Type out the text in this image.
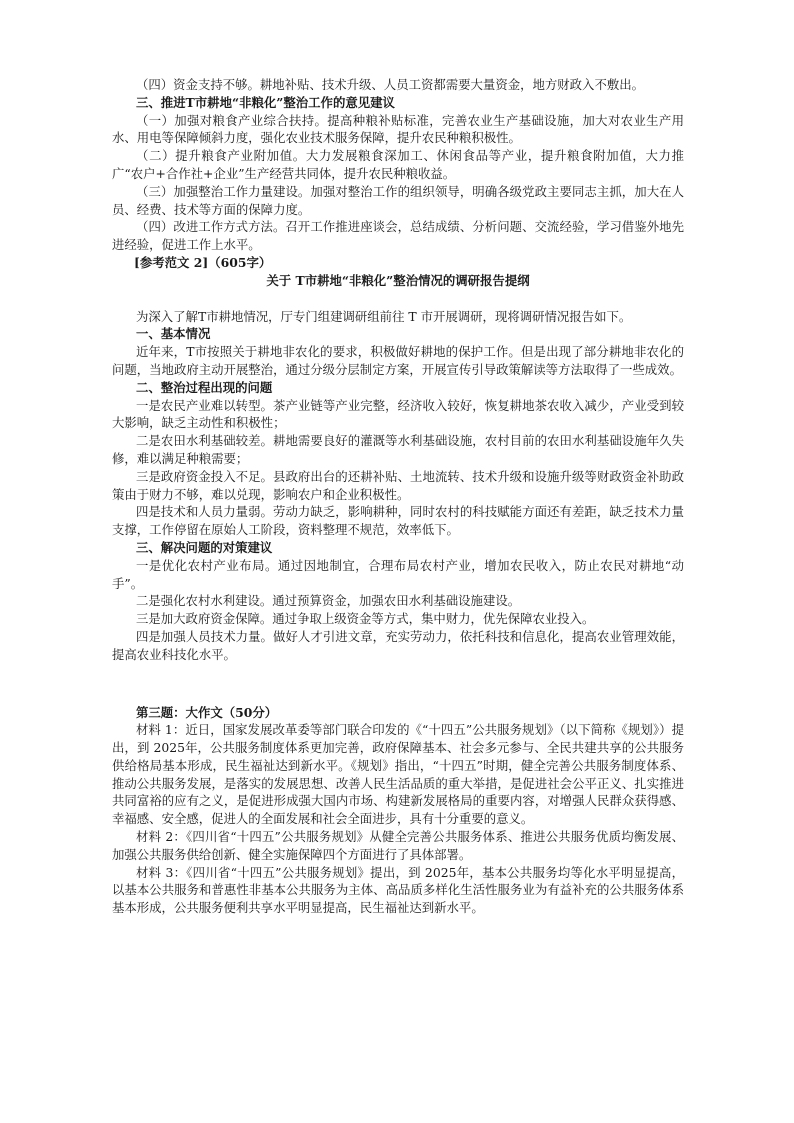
（四）资金支持不够。耕地补贴、技术升级、人员工资都需要大量资金，地方财政入不敷出。

三、推进T市耕地“非粮化”整治工作的意见建议

（一）加强对粮食产业综合扶持。提高种粮补贴标准，完善农业生产基础设施，加大对农业生产用水、用电等保障倾斜力度，强化农业技术服务保障，提升农民种粮积极性。

（二）提升粮食产业附加值。大力发展粮食深加工、休闲食品等产业，提升粮食附加值，大力推广“农户+合作社+企业”生产经营共同体，提升农民种粮收益。

（三）加强整治工作力量建设。加强对整治工作的组织领导，明确各级党政主要同志主抓，加大在人员、经费、技术等方面的保障力度。

（四）改进工作方式方法。召开工作推进座谈会，总结成绩、分析问题、交流经验，学习借鉴外地先进经验，促进工作上水平。

[参考范文 2]（605字）

关于 T市耕地“非粮化”整治情况的调研报告提纲

为深入了解T市耕地情况，厅专门组建调研组前往 T 市开展调研，现将调研情况报告如下。

一、基本情况

近年来，T市按照关于耕地非农化的要求，积极做好耕地的保护工作。但是出现了部分耕地非农化的问题，当地政府主动开展整治，通过分级分层制定方案，开展宣传引导政策解读等方法取得了一些成效。

二、整治过程出现的问题

一是农民产业难以转型。茶产业链等产业完整，经济收入较好，恢复耕地茶农收入减少，产业受到较大影响，缺乏主动性和积极性；

二是农田水利基础较差。耕地需要良好的灌溉等水利基础设施，农村目前的农田水利基础设施年久失修，难以满足种粮需要；

三是政府资金投入不足。县政府出台的还耕补贴、土地流转、技术升级和设施升级等财政资金补助政策由于财力不够，难以兑现，影响农户和企业积极性。

四是技术和人员力量弱。劳动力缺乏，影响耕种，同时农村的科技赋能方面还有差距，缺乏技术力量支撑，工作停留在原始人工阶段，资料整理不规范，效率低下。

三、解决问题的对策建议

一是优化农村产业布局。通过因地制宜，合理布局农村产业，增加农民收入，防止农民对耕地“动手”。

二是强化农村水利建设。通过预算资金，加强农田水利基础设施建设。

三是加大政府资金保障。通过争取上级资金等方式，集中财力，优先保障农业投入。

四是加强人员技术力量。做好人才引进文章，充实劳动力，依托科技和信息化，提高农业管理效能，提高农业科技化水平。

第三题：大作文（50分）

材料 1：近日，国家发展改革委等部门联合印发的《“十四五”公共服务规划》（以下简称《规划》）提出，到 2025年，公共服务制度体系更加完善，政府保障基本、社会多元参与、全民共建共享的公共服务供给格局基本形成，民生福祉达到新水平。《规划》指出，“十四五”时期，健全完善公共服务制度体系、推动公共服务发展，是落实的发展思想、改善人民生活品质的重大举措，是促进社会公平正义、扎实推进共同富裕的应有之义，是促进形成强大国内市场、构建新发展格局的重要内容，对增强人民群众获得感、幸福感、安全感，促进人的全面发展和社会全面进步，具有十分重要的意义。

材料 2：《四川省“十四五”公共服务规划》从健全完善公共服务体系、推进公共服务优质均衡发展、加强公共服务供给创新、健全实施保障四个方面进行了具体部署。

材料 3：《四川省“十四五”公共服务规划》提出，到 2025年，基本公共服务均等化水平明显提高，以基本公共服务和普惠性非基本公共服务为主体、高品质多样化生活性服务业为有益补充的公共服务体系基本形成，公共服务便利共享水平明显提高，民生福祉达到新水平。
